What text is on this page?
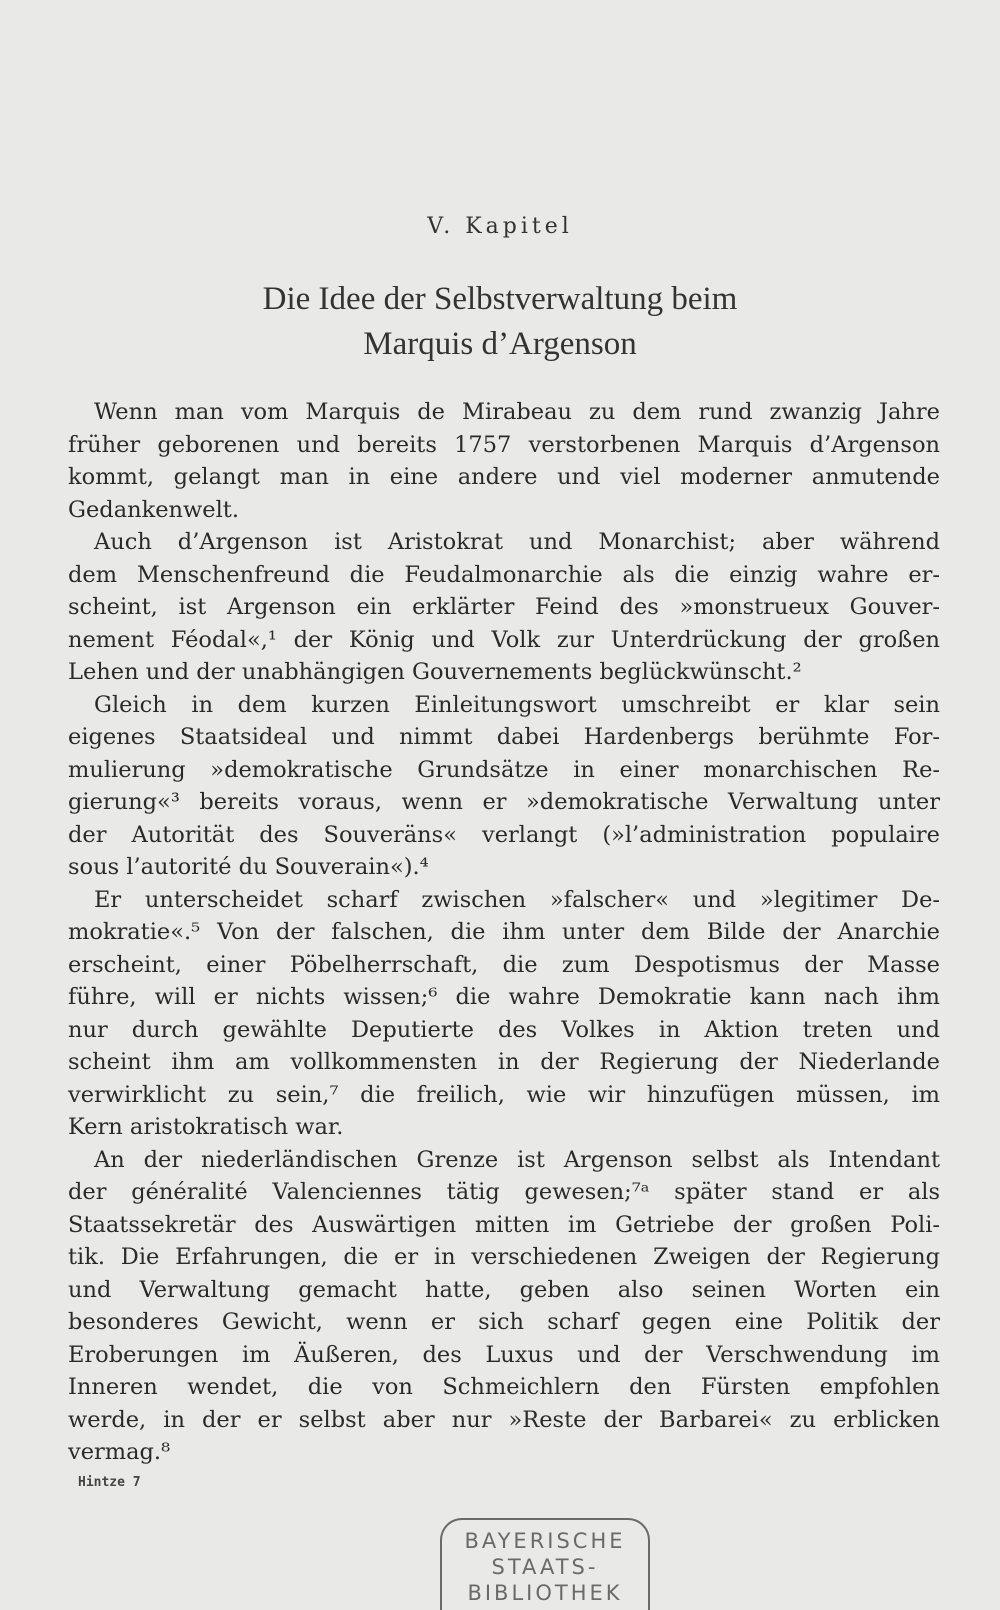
V. Kapitel
Die Idee der Selbstverwaltung beim
Marquis d’Argenson
Wenn man vom Marquis de Mirabeau zu dem rund zwanzig Jahre
früher geborenen und bereits 1757 verstorbenen Marquis d’Argenson
kommt, gelangt man in eine andere und viel moderner anmutende
Gedankenwelt.
Auch d’Argenson ist Aristokrat und Monarchist; aber während
dem Menschenfreund die Feudalmonarchie als die einzig wahre er-
scheint, ist Argenson ein erklärter Feind des »monstrueux Gouver-
nement Féodal«,¹ der König und Volk zur Unterdrückung der großen
Lehen und der unabhängigen Gouvernements beglückwünscht.²
Gleich in dem kurzen Einleitungswort umschreibt er klar sein
eigenes Staatsideal und nimmt dabei Hardenbergs berühmte For-
mulierung »demokratische Grundsätze in einer monarchischen Re-
gierung«³ bereits voraus, wenn er »demokratische Verwaltung unter
der Autorität des Souveräns« verlangt (»l’administration populaire
sous l’autorité du Souverain«).⁴
Er unterscheidet scharf zwischen »falscher« und »legitimer De-
mokratie«.⁵ Von der falschen, die ihm unter dem Bilde der Anarchie
erscheint, einer Pöbelherrschaft, die zum Despotismus der Masse
führe, will er nichts wissen;⁶ die wahre Demokratie kann nach ihm
nur durch gewählte Deputierte des Volkes in Aktion treten und
scheint ihm am vollkommensten in der Regierung der Niederlande
verwirklicht zu sein,⁷ die freilich, wie wir hinzufügen müssen, im
Kern aristokratisch war.
An der niederländischen Grenze ist Argenson selbst als Intendant
der généralité Valenciennes tätig gewesen;⁷ᵃ später stand er als
Staatssekretär des Auswärtigen mitten im Getriebe der großen Poli-
tik. Die Erfahrungen, die er in verschiedenen Zweigen der Regierung
und Verwaltung gemacht hatte, geben also seinen Worten ein
besonderes Gewicht, wenn er sich scharf gegen eine Politik der
Eroberungen im Äußeren, des Luxus und der Verschwendung im
Inneren wendet, die von Schmeichlern den Fürsten empfohlen
werde, in der er selbst aber nur »Reste der Barbarei« zu erblicken
vermag.⁸
Hintze 7
BAYERISCHE
STAATS-
BIBLIOTHEK
